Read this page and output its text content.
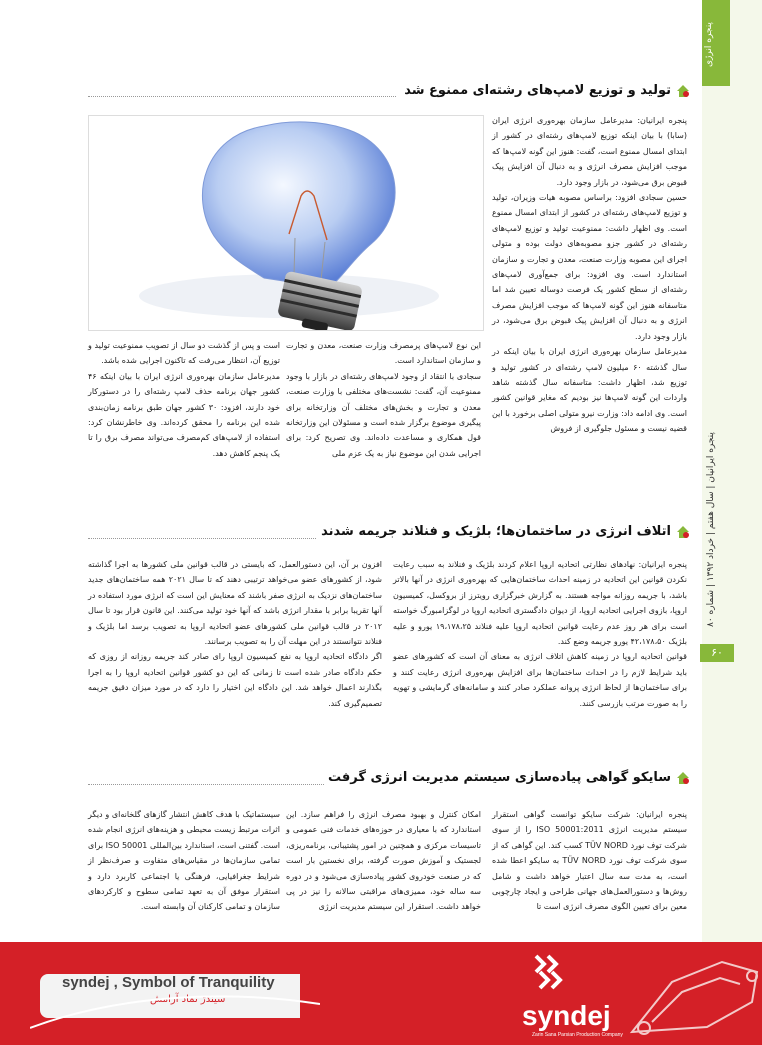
پنجره انرژی
پنجره ایرانیان | سال هفتم | خرداد ۱۳۹۲ | شماره ۸۰
۶۰
تولید و توزیع لامپ‌های رشته‌ای ممنوع شد

پنجره ایرانیان: مدیرعامل سازمان بهره‌وری انرژی ایران (سابا) با بیان اینکه توزیع لامپ‌های رشته‌ای در کشور از ابتدای امسال ممنوع است، گفت: هنوز این گونه لامپ‌ها که موجب افزایش مصرف انرژی و به دنبال آن افزایش پیک قبوض برق می‌شود، در بازار وجود دارد.

حسین سجادی افزود: براساس مصوبه هیات وزیران، تولید و توزیع لامپ‌های رشته‌ای در کشور از ابتدای امسال ممنوع است. وی اظهار داشت: ممنوعیت تولید و توزیع لامپ‌های رشته‌ای در کشور جزو مصوبه‌های دولت بوده و متولی اجرای این مصوبه وزارت صنعت، معدن و تجارت و سازمان استاندارد است. وی افزود: برای جمع‌آوری لامپ‌های رشته‌ای از سطح کشور یک فرصت دوساله تعیین شد اما متاسفانه هنوز این گونه لامپ‌ها که موجب افزایش مصرف انرژی و به دنبال آن افزایش پیک قبوض برق می‌شود، در بازار وجود دارد.

مدیرعامل سازمان بهره‌وری انرژی ایران با بیان اینکه در سال گذشته ۶۰ میلیون لامپ رشته‌ای در کشور تولید و توزیع شد، اظهار داشت: متاسفانه سال گذشته شاهد واردات این گونه لامپ‌ها نیز بودیم که مغایر قوانین کشور است. وی ادامه داد: وزارت نیرو متولی اصلی برخورد با این قضیه نیست و مسئول جلوگیری از فروش

این نوع لامپ‌های پرمصرف وزارت صنعت، معدن و تجارت و سازمان استاندارد است.

سجادی با انتقاد از وجود لامپ‌های رشته‌ای در بازار با وجود ممنوعیت آن، گفت: نشست‌های مختلفی با وزارت صنعت، معدن و تجارت و بخش‌های مختلف آن وزارتخانه برای پیگیری موضوع برگزار شده است و مسئولان این وزارتخانه قول همکاری و مساعدت داده‌اند. وی تصریح کرد: برای اجرایی شدن این موضوع نیاز به یک عزم ملی

است و پس از گذشت دو سال از تصویب ممنوعیت تولید و توزیع آن، انتظار می‌رفت که تاکنون اجرایی شده باشد.

مدیرعامل سازمان بهره‌وری انرژی ایران با بیان اینکه ۴۶ کشور جهان برنامه حذف لامپ رشته‌ای را در دستورکار خود دارند، افزود: ۳۰ کشور جهان طبق برنامه زمان‌بندی شده این برنامه را محقق کرده‌اند. وی خاطرنشان کرد: استفاده از لامپ‌های کم‌مصرف می‌تواند مصرف برق را تا یک پنجم کاهش دهد.

اتلاف انرژی در ساختمان‌ها؛ بلژیک و فنلاند جریمه شدند

پنجره ایرانیان: نهادهای نظارتی اتحادیه اروپا اعلام کردند بلژیک و فنلاند به سبب رعایت نکردن قوانین این اتحادیه در زمینه احداث ساختمان‌هایی که بهره‌وری انرژی در آنها بالاتر باشد، با جریمه روزانه مواجه هستند. به گزارش خبرگزاری رویترز از بروکسل، کمیسیون اروپا، بازوی اجرایی اتحادیه اروپا، از دیوان دادگستری اتحادیه اروپا در لوگزامبورگ خواسته است برای هر روز عدم رعایت قوانین اتحادیه اروپا علیه فنلاند ۱۹،۱۷۸،۲۵ یورو و علیه بلژیک ۴۲،۱۷۸،۵۰ یورو جریمه وضع کند.

قوانین اتحادیه اروپا در زمینه کاهش اتلاف انرژی به معنای آن است که کشورهای عضو باید شرایط لازم را در احداث ساختمان‌ها برای افزایش بهره‌وری انرژی رعایت کنند و برای ساختمان‌ها از لحاظ انرژی پروانه عملکرد صادر کنند و سامانه‌های گرمایشی و تهویه را به صورت مرتب بازرسی کنند.

افزون بر آن، این دستورالعمل، که بایستی در قالب قوانین ملی کشورها به اجرا گذاشته شود، از کشورهای عضو می‌خواهد ترتیبی دهند که تا سال ۲۰۲۱ همه ساختمان‌های جدید ساختمان‌های نزدیک به انرژی صفر باشند که معنایش این است که انرژی مورد استفاده در آنها تقریبا برابر با مقدار انرژی باشد که آنها خود تولید می‌کنند. این قانون قرار بود تا سال ۲۰۱۲ در قالب قوانین ملی کشورهای عضو اتحادیه اروپا به تصویب برسد اما بلژیک و فنلاند نتوانستند در این مهلت آن را به تصویب برسانند.

اگر دادگاه اتحادیه اروپا به نفع کمیسیون اروپا رای صادر کند جریمه روزانه از روزی که حکم دادگاه صادر شده است تا زمانی که این دو کشور قوانین اتحادیه اروپا را به اجرا بگذارند اعمال خواهد شد. این دادگاه این اختیار را دارد که در مورد میزان دقیق جریمه تصمیم‌گیری کند.

سایکو گواهی پیاده‌سازی سیستم مدیریت انرژی گرفت

پنجره ایرانیان: شرکت سایکو توانست گواهی استقرار سیستم مدیریت انرژی ISO 50001:2011 را از سوی شرکت توف نورد TÜV NORD کسب کند. این گواهی که از سوی شرکت توف نورد TÜV NORD به سایکو اعطا شده است، به مدت سه سال اعتبار خواهد داشت و شامل روش‌ها و دستورالعمل‌های جهانی طراحی و ایجاد چارچوبی معین برای تعیین الگوی مصرف انرژی است تا

امکان کنترل و بهبود مصرف انرژی را فراهم سازد. این استاندارد که با معیاری در حوزه‌های خدمات فنی عمومی و تاسیسات مرکزی و همچنین در امور پشتیبانی، برنامه‌ریزی، لجستیک و آموزش صورت گرفته، برای نخستین بار است که در صنعت خودروی کشور پیاده‌سازی می‌شود و در دوره سه ساله خود، ممیزی‌های مراقبتی سالانه را نیز در پی خواهد داشت. استقرار این سیستم مدیریت انرژی

سیستماتیک با هدف کاهش انتشار گازهای گلخانه‌ای و دیگر اثرات مرتبط زیست محیطی و هزینه‌های انرژی انجام شده است. گفتنی است، استاندارد بین‌المللی ISO 50001 برای تمامی سازمان‌ها در مقیاس‌های متفاوت و صرف‌نظر از شرایط جغرافیایی، فرهنگی یا اجتماعی کاربرد دارد و استقرار موفق آن به تعهد تمامی سطوح و کارکردهای سازمان و تمامی کارکنان آن وابسته است.

syndej , Symbol of Tranquility
سیندژ نماد آرامش
syndej
Zarin Sana Parsian Production Company
